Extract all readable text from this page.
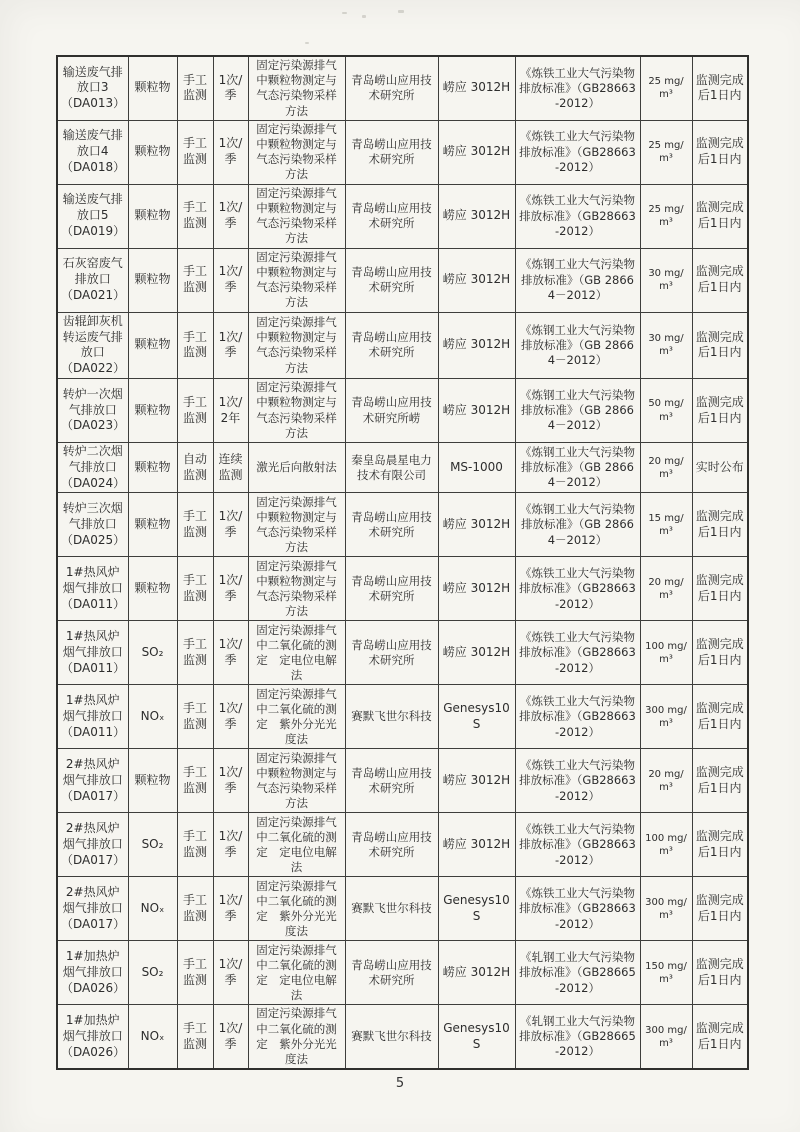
输送废气排放口3
（DA013）	颗粒物	手工监测	1次/季	固定污染源排气中颗粒物测定与气态污染物采样方法	青岛崂山应用技术研究所	崂应 3012H	《炼铁工业大气污染物排放标准》（GB28663-2012）	25 mg/m³	监测完成后1日内
输送废气排放口4
（DA018）	颗粒物	手工监测	1次/季	固定污染源排气中颗粒物测定与气态污染物采样方法	青岛崂山应用技术研究所	崂应 3012H	《炼铁工业大气污染物排放标准》（GB28663-2012）	25 mg/m³	监测完成后1日内
输送废气排放口5
（DA019）	颗粒物	手工监测	1次/季	固定污染源排气中颗粒物测定与气态污染物采样方法	青岛崂山应用技术研究所	崂应 3012H	《炼铁工业大气污染物排放标准》（GB28663-2012）	25 mg/m³	监测完成后1日内
石灰窑废气排放口
（DA021）	颗粒物	手工监测	1次/季	固定污染源排气中颗粒物测定与气态污染物采样方法	青岛崂山应用技术研究所	崂应 3012H	《炼钢工业大气污染物排放标准》（GB 28664－2012）	30 mg/m³	监测完成后1日内
齿辊卸灰机转运废气排放口
（DA022）	颗粒物	手工监测	1次/季	固定污染源排气中颗粒物测定与气态污染物采样方法	青岛崂山应用技术研究所	崂应 3012H	《炼钢工业大气污染物排放标准》（GB 28664－2012）	30 mg/m³	监测完成后1日内
转炉一次烟气排放口
（DA023）	颗粒物	手工监测	1次/2年	固定污染源排气中颗粒物测定与气态污染物采样方法	青岛崂山应用技术研究所崂	崂应 3012H	《炼钢工业大气污染物排放标准》（GB 28664－2012）	50 mg/m³	监测完成后1日内
转炉二次烟气排放口
（DA024）	颗粒物	自动监测	连续监测	激光后向散射法	秦皇岛晨星电力技术有限公司	MS-1000	《炼钢工业大气污染物排放标准》（GB 28664－2012）	20 mg/m³	实时公布
转炉三次烟气排放口
（DA025）	颗粒物	手工监测	1次/季	固定污染源排气中颗粒物测定与气态污染物采样方法	青岛崂山应用技术研究所	崂应 3012H	《炼钢工业大气污染物排放标准》（GB 28664－2012）	15 mg/m³	监测完成后1日内
1#热风炉烟气排放口
（DA011）	颗粒物	手工监测	1次/季	固定污染源排气中颗粒物测定与气态污染物采样方法	青岛崂山应用技术研究所	崂应 3012H	《炼铁工业大气污染物排放标准》（GB28663-2012）	20 mg/m³	监测完成后1日内
1#热风炉烟气排放口
（DA011）	SO₂	手工监测	1次/季	固定污染源排气中二氧化硫的测定　定电位电解法	青岛崂山应用技术研究所	崂应 3012H	《炼铁工业大气污染物排放标准》（GB28663-2012）	100 mg/m³	监测完成后1日内
1#热风炉烟气排放口
（DA011）	NOₓ	手工监测	1次/季	固定污染源排气中二氧化硫的测定　紫外分光光度法	赛默飞世尔科技	Genesys10S	《炼铁工业大气污染物排放标准》（GB28663-2012）	300 mg/m³	监测完成后1日内
2#热风炉烟气排放口
（DA017）	颗粒物	手工监测	1次/季	固定污染源排气中颗粒物测定与气态污染物采样方法	青岛崂山应用技术研究所	崂应 3012H	《炼铁工业大气污染物排放标准》（GB28663-2012）	20 mg/m³	监测完成后1日内
2#热风炉烟气排放口
（DA017）	SO₂	手工监测	1次/季	固定污染源排气中二氧化硫的测定　定电位电解法	青岛崂山应用技术研究所	崂应 3012H	《炼铁工业大气污染物排放标准》（GB28663-2012）	100 mg/m³	监测完成后1日内
2#热风炉烟气排放口
（DA017）	NOₓ	手工监测	1次/季	固定污染源排气中二氧化硫的测定　紫外分光光度法	赛默飞世尔科技	Genesys10S	《炼铁工业大气污染物排放标准》（GB28663-2012）	300 mg/m³	监测完成后1日内
1#加热炉烟气排放口
（DA026）	SO₂	手工监测	1次/季	固定污染源排气中二氧化硫的测定　定电位电解法	青岛崂山应用技术研究所	崂应 3012H	《轧钢工业大气污染物排放标准》（GB28665-2012）	150 mg/m³	监测完成后1日内
1#加热炉烟气排放口
（DA026）	NOₓ	手工监测	1次/季	固定污染源排气中二氧化硫的测定　紫外分光光度法	赛默飞世尔科技	Genesys10S	《轧钢工业大气污染物排放标准》（GB28665-2012）	300 mg/m³	监测完成后1日内
5
